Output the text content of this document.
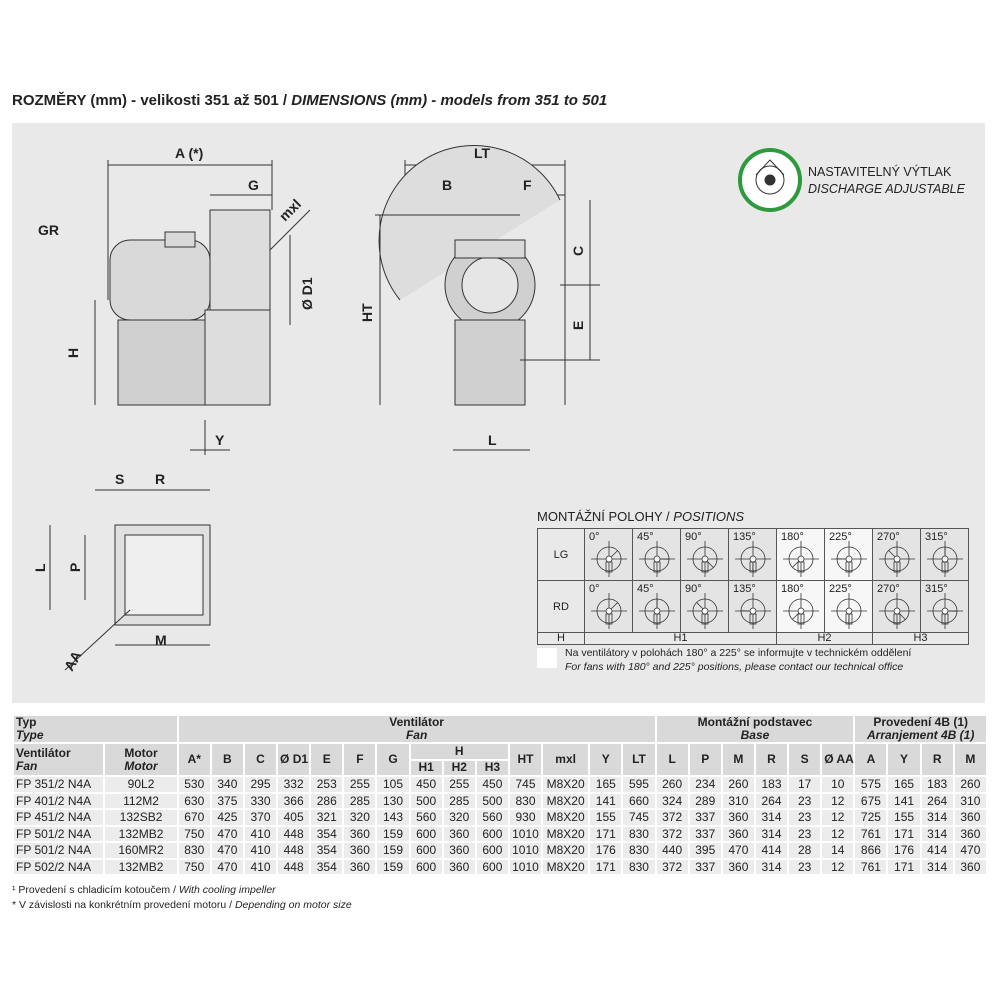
ROZMĚRY (mm) - velikosti 351 až 501 / DIMENSIONS (mm) - models from 351 to 501
A (*)
G
mxl
GR
Ø D1
H
Y
LT
B	F
C
E
HT
L
S R
L P
M
AA
NASTAVITELNÝ VÝTLAK
DISCHARGE ADJUSTABLE
MONTÁŽNÍ POLOHY / POSITIONS
LG	0°	45°	90°	135°	180°	225°	270°	315°

RD	0°	45°	90°	135°	180°	225°	270°	315°

H	H1				H2		H3	
Na ventilátory v polohách 180° a 225° se informujte v technickém oddělení
For fans with 180° and 225° positions, please contact our technical office
Typ
Type		Ventilátor
Fan														Montážní podstavec
Base						Provedení 4B (1)
Arranjement 4B (1)			

Ventilátor
Fan	Motor
Motor	A*	B	C	Ø D1	E	F	G	H			HT	mxl	Y	LT	L	P	M	R	S	Ø AA	A	Y	R	M
									H1	H2	H3														
FP 351/2 N4A	90L2	530	340	295	332	253	255	105	450	255	450	745	M8X20	165	595	260	234	260	183	17	10	575	165	183	260
FP 401/2 N4A	112M2	630	375	330	366	286	285	130	500	285	500	830	M8X20	141	660	324	289	310	264	23	12	675	141	264	310
FP 451/2 N4A	132SB2	670	425	370	405	321	320	143	560	320	560	930	M8X20	155	745	372	337	360	314	23	12	725	155	314	360
FP 501/2 N4A	132MB2	750	470	410	448	354	360	159	600	360	600	1010	M8X20	171	830	372	337	360	314	23	12	761	171	314	360
FP 501/2 N4A	160MR2	830	470	410	448	354	360	159	600	360	600	1010	M8X20	176	830	440	395	470	414	28	14	866	176	414	470
FP 502/2 N4A	132MB2	750	470	410	448	354	360	159	600	360	600	1010	M8X20	171	830	372	337	360	314	23	12	761	171	314	360
¹ Provedení s chladicím kotoučem / With cooling impeller
* V závislosti na konkrétním provedení motoru / Depending on motor size
